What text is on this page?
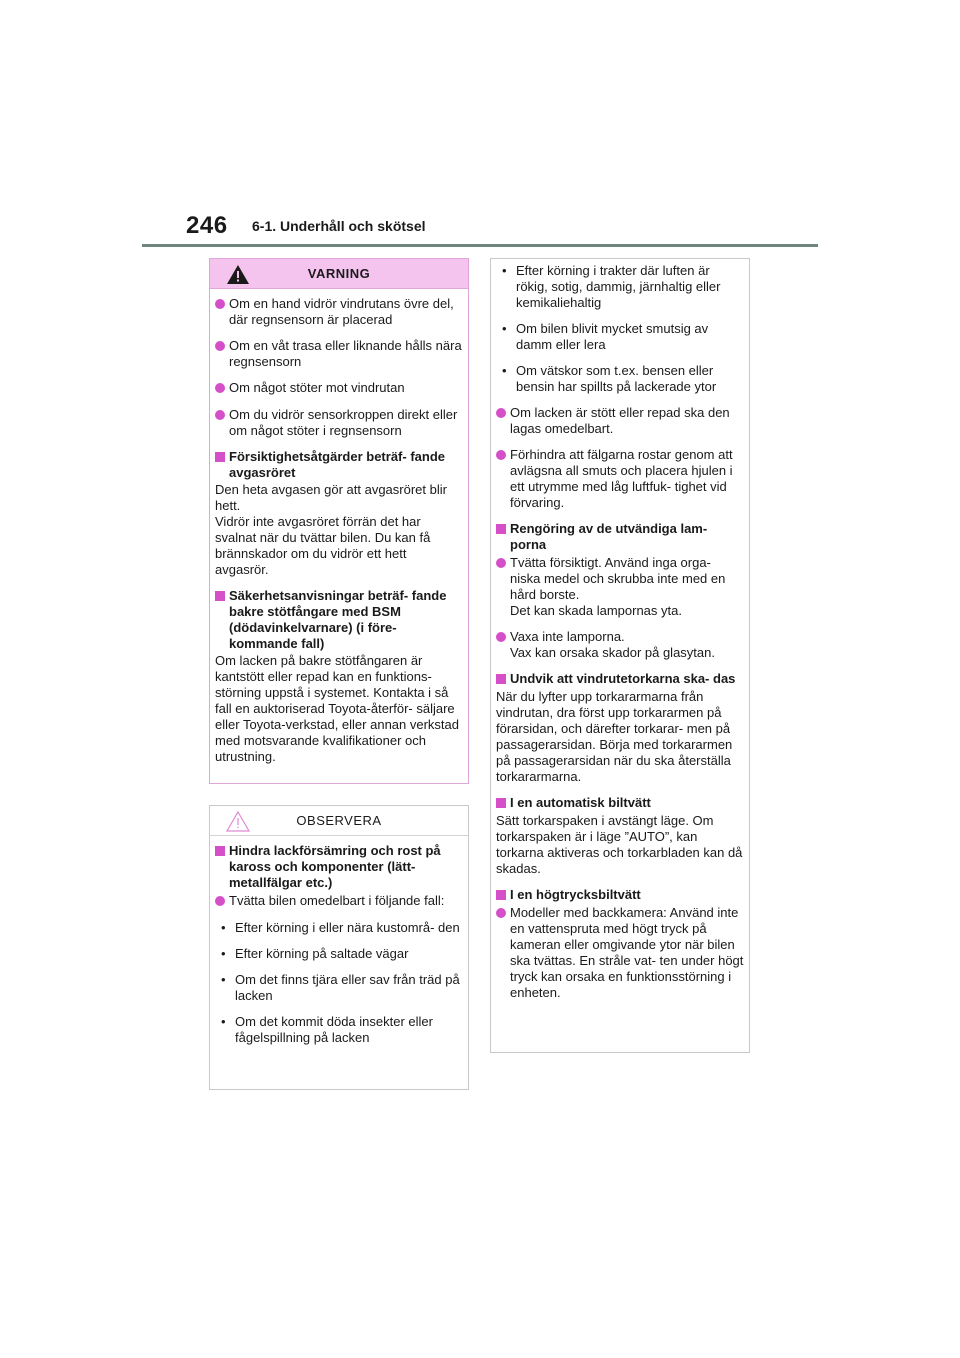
246 6-1. Underhåll och skötsel
VARNING
Om en hand vidrör vindrutans övre del, där regnsensorn är placerad
Om en våt trasa eller liknande hålls nära regnsensorn
Om något stöter mot vindrutan
Om du vidrör sensorkroppen direkt eller om något stöter i regnsensorn
Försiktighetsåtgärder beträf- fande avgasröret
Den heta avgasen gör att avgasröret blir hett.
Vidrör inte avgasröret förrän det har svalnat när du tvättar bilen. Du kan få brännskador om du vidrör ett hett avgasrör.
Säkerhetsanvisningar beträf- fande bakre stötfångare med BSM (dödavinkelvarnare) (i före- kommande fall)
Om lacken på bakre stötfångaren är kantstött eller repad kan en funktions- störning uppstå i systemet. Kontakta i så fall en auktoriserad Toyota-återför- säljare eller Toyota-verkstad, eller annan verkstad med motsvarande kvalifikationer och utrustning.
OBSERVERA
Hindra lackförsämring och rost på kaross och komponenter (lätt- metallfälgar etc.)
Tvätta bilen omedelbart i följande fall:
• Efter körning i eller nära kustområ- den
• Efter körning på saltade vägar
• Om det finns tjära eller sav från träd på lacken
• Om det kommit döda insekter eller fågelspillning på lacken
• Efter körning i trakter där luften är rökig, sotig, dammig, järnhaltig eller kemikaliehaltig
• Om bilen blivit mycket smutsig av damm eller lera
• Om vätskor som t.ex. bensen eller bensin har spillts på lackerade ytor
Om lacken är stött eller repad ska den lagas omedelbart.
Förhindra att fälgarna rostar genom att avlägsna all smuts och placera hjulen i ett utrymme med låg luftfuk- tighet vid förvaring.
Rengöring av de utvändiga lam- porna
Tvätta försiktigt. Använd inga orga- niska medel och skrubba inte med en hård borste.
Det kan skada lampornas yta.
Vaxa inte lamporna.
Vax kan orsaka skador på glasytan.
Undvik att vindrutetorkarna ska- das
När du lyfter upp torkararmarna från vindrutan, dra först upp torkararmen på förarsidan, och därefter torkarar- men på passagerarsidan. Börja med torkararmen på passagerarsidan när du ska återställa torkararmarna.
I en automatisk biltvätt
Sätt torkarspaken i avstängt läge. Om torkarspaken är i läge ”AUTO”, kan torkarna aktiveras och torkarbladen kan då skadas.
I en högtrycksbiltvätt
Modeller med backkamera: Använd inte en vattenspruta med högt tryck på kameran eller omgivande ytor när bilen ska tvättas. En stråle vat- ten under högt tryck kan orsaka en funktionsstörning i enheten.
